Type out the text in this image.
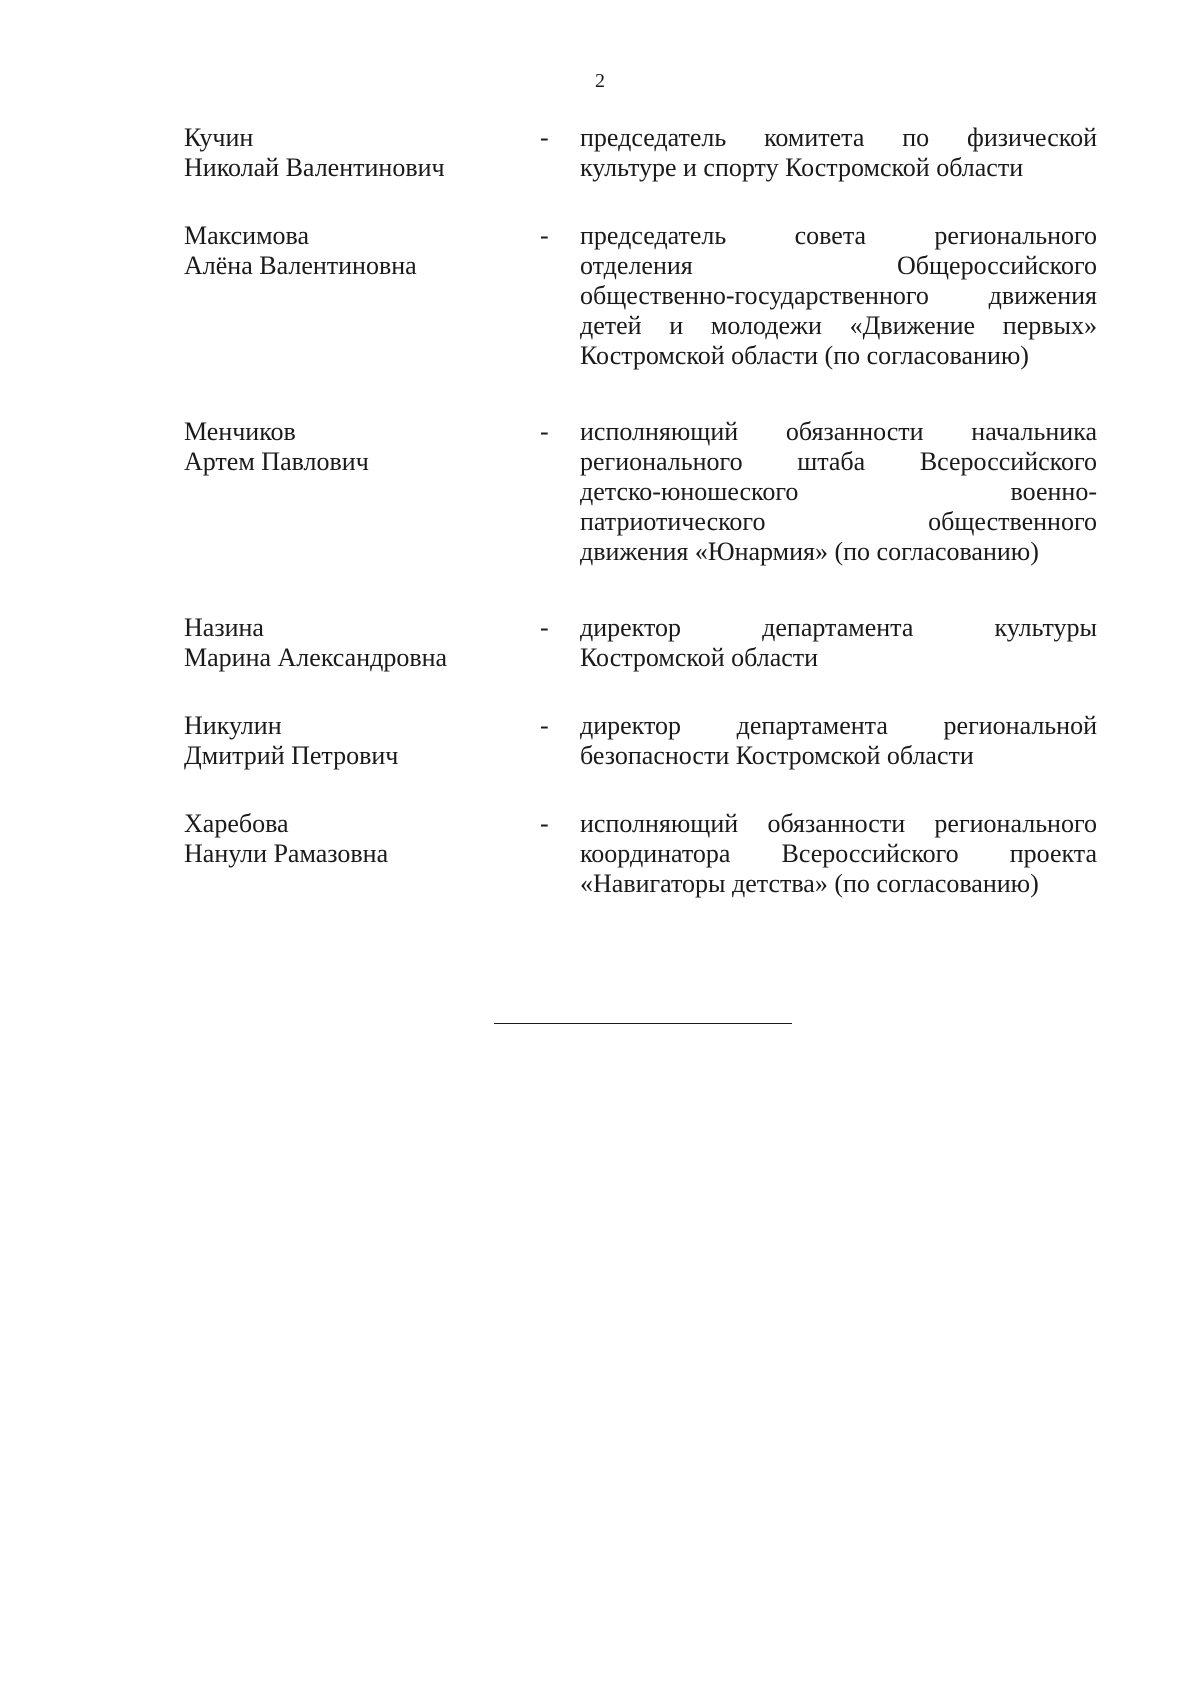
2
Кучин
Николай Валентинович
-	председатель комитета по физической
культуре и спорту Костромской области
Максимова
Алёна Валентиновна
-	председатель совета регионального
отделения Общероссийского
общественно-государственного движения
детей и молодежи «Движение первых»
Костромской области (по согласованию)
Менчиков
Артем Павлович
-	исполняющий обязанности начальника
регионального штаба Всероссийского
детско-юношеского военно-
патриотического общественного
движения «Юнармия» (по согласованию)
Назина
Марина Александровна
-	директор департамента культуры
Костромской области
Никулин
Дмитрий Петрович
-	директор департамента региональной
безопасности Костромской области
Харебова
Нанули Рамазовна
-	исполняющий обязанности регионального
координатора Всероссийского проекта
«Навигаторы детства» (по согласованию)
